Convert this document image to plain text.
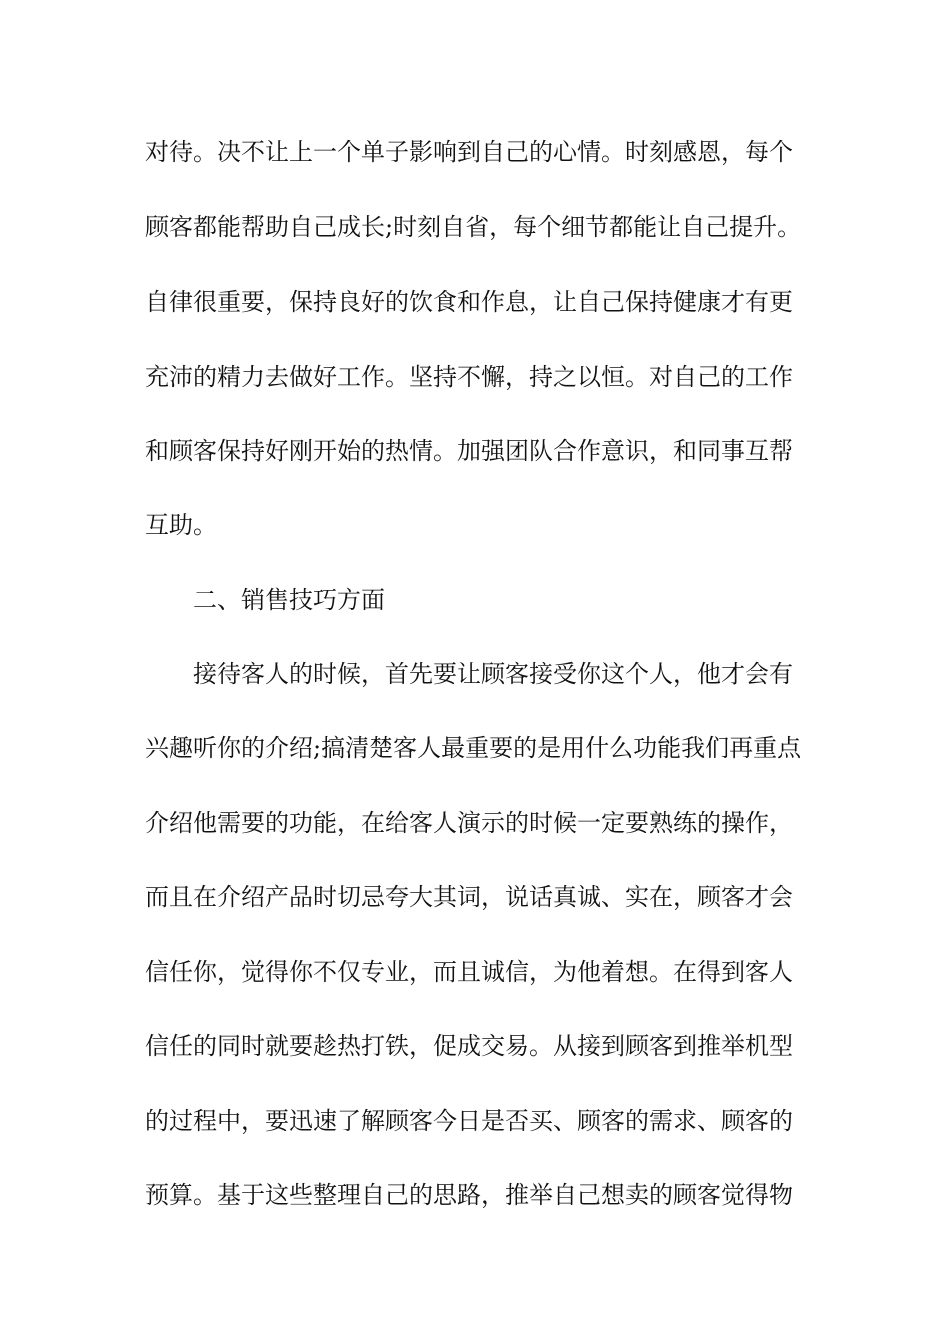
对待。决不让上一个单子影响到自己的心情。时刻感恩，每个
顾客都能帮助自己成长;时刻自省，每个细节都能让自己提升。
自律很重要，保持良好的饮食和作息，让自己保持健康才有更
充沛的精力去做好工作。坚持不懈，持之以恒。对自己的工作
和顾客保持好刚开始的热情。加强团队合作意识，和同事互帮
互助。
二、销售技巧方面
接待客人的时候，首先要让顾客接受你这个人，他才会有
兴趣听你的介绍;搞清楚客人最重要的是用什么功能我们再重点
介绍他需要的功能，在给客人演示的时候一定要熟练的操作，
而且在介绍产品时切忌夸大其词，说话真诚、实在，顾客才会
信任你，觉得你不仅专业，而且诚信，为他着想。在得到客人
信任的同时就要趁热打铁，促成交易。从接到顾客到推举机型
的过程中，要迅速了解顾客今日是否买、顾客的需求、顾客的
预算。基于这些整理自己的思路，推举自己想卖的顾客觉得物
